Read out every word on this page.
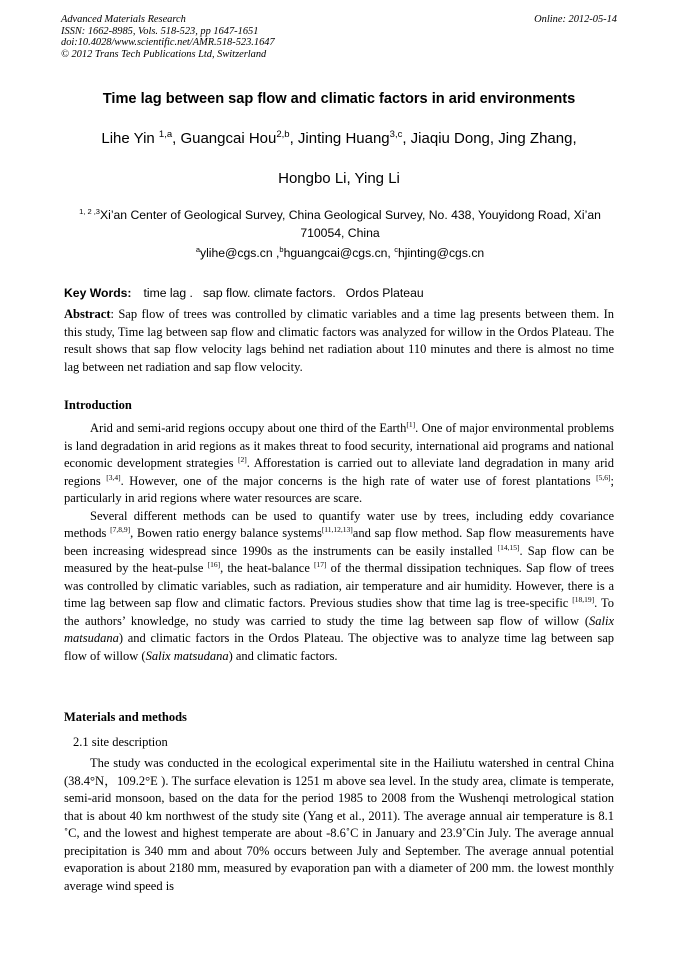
Advanced Materials Research
ISSN: 1662-8985, Vols. 518-523, pp 1647-1651
doi:10.4028/www.scientific.net/AMR.518-523.1647
© 2012 Trans Tech Publications Ltd, Switzerland
Online: 2012-05-14
Time lag between sap flow and climatic factors in arid environments
Lihe Yin $^{1,a}$, Guangcai Hou$^{2,b}$, Jinting Huang$^{3,c}$, Jiaqiu Dong, Jing Zhang,
Hongbo Li, Ying Li
$^{1, 2 ,3}$Xi’an Center of Geological Survey, China Geological Survey, No. 438, Youyidong Road, Xi’an 710054, China
$^a$ylihe@cgs.cn ,$^b$hguangcai@cgs.cn, $^c$hjinting@cgs.cn
Key Words: time lag . sap flow. climate factors. Ordos Plateau

Abstract: Sap flow of trees was controlled by climatic variables and a time lag presents between them. In this study, Time lag between sap flow and climatic factors was analyzed for willow in the Ordos Plateau. The result shows that sap flow velocity lags behind net radiation about 110 minutes and there is almost no time lag between net radiation and sap flow velocity.

Introduction

Arid and semi-arid regions occupy about one third of the Earth[1]. One of major environmental problems is land degradation in arid regions as it makes threat to food security, international aid programs and national economic development strategies [2]. Afforestation is carried out to alleviate land degradation in many arid regions [3,4]. However, one of the major concerns is the high rate of water use of forest plantations [5,6]; particularly in arid regions where water resources are scare.

Several different methods can be used to quantify water use by trees, including eddy covariance methods [7,8,9], Bowen ratio energy balance systems[11,12,13]and sap flow method. Sap flow measurements have been increasing widespread since 1990s as the instruments can be easily installed [14,15]. Sap flow can be measured by the heat-pulse [16], the heat-balance [17] of the thermal dissipation techniques. Sap flow of trees was controlled by climatic variables, such as radiation, air temperature and air humidity. However, there is a time lag between sap flow and climatic factors. Previous studies show that time lag is tree-specific [18,19]. To the authors’ knowledge, no study was carried to study the time lag between sap flow of willow (Salix matsudana) and climatic factors in the Ordos Plateau. The objective was to analyze time lag between sap flow of willow (Salix matsudana) and climatic factors.

Materials and methods
2.1 site description

The study was conducted in the ecological experimental site in the Hailiutu watershed in central China (38.4°N，109.2°E ). The surface elevation is 1251 m above sea level. In the study area, climate is temperate, semi-arid monsoon, based on the data for the period 1985 to 2008 from the Wushenqi metrological station that is about 40 km northwest of the study site (Yang et al., 2011). The average annual air temperature is 8.1 ˚C, and the lowest and highest temperate are about -8.6˚C in January and 23.9˚Cin July. The average annual precipitation is 340 mm and about 70% occurs between July and September. The average annual potential evaporation is about 2180 mm, measured by evaporation pan with a diameter of 200 mm. the lowest monthly average wind speed is
